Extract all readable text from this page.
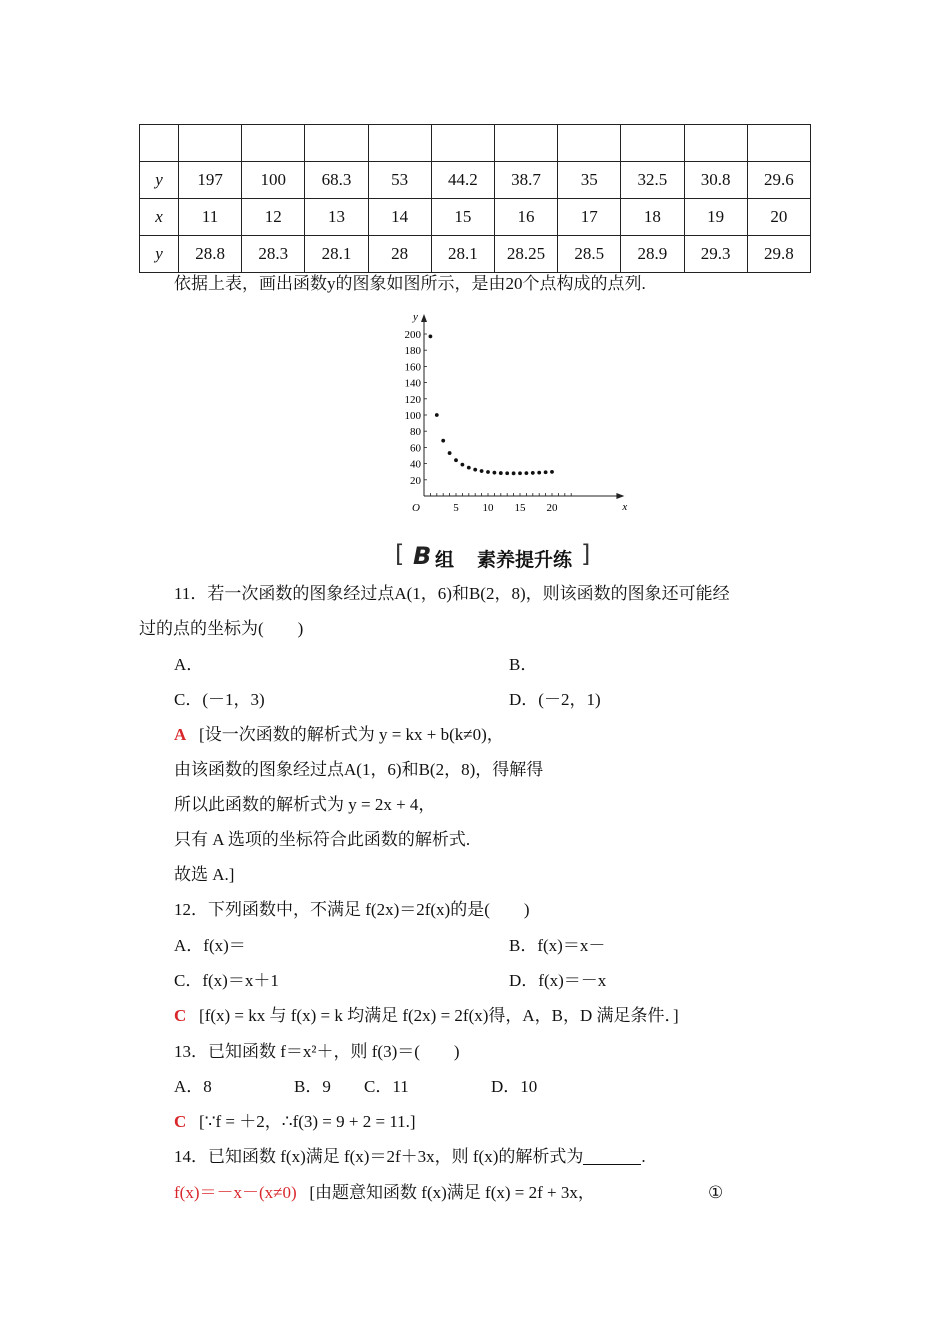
y	197	100	68.3	53	44.2	38.7	35	32.5	30.8	29.6
x	11	12	13	14	15	16	17	18	19	20
y	28.8	28.3	28.1	28	28.1	28.25	28.5	28.9	29.3	29.8
依据上表，画出函数y的图象如图所示，是由20个点构成的点列.
x
y
O	5 10 15 20
20
40
60
80
100
120
140
160
180
200
[ B 组 素养提升练 ]
11．若一次函数的图象经过点A(1，6)和B(2，8)，则该函数的图象还可能经
过的点的坐标为(　　)
A．	B．
C．(－1，3)	D．(－2，1)
A [设一次函数的解析式为 y = kx + b(k≠0)，
由该函数的图象经过点A(1，6)和B(2，8)，得解得
所以此函数的解析式为 y = 2x + 4，
只有 A 选项的坐标符合此函数的解析式.
故选 A.]
12．下列函数中，不满足 f(2x)＝2f(x)的是(　　)
A．f(x)＝	B．f(x)＝x－
C．f(x)＝x＋1	D．f(x)＝－x
C [f(x) = kx 与 f(x) = k 均满足 f(2x) = 2f(x)得，A，B，D 满足条件．]
13．已知函数 f＝x²＋，则 f(3)＝(　　)
A．8	B．9 C．11	D．10
C [∵f = ＋2，∴f(3) = 9 + 2 = 11.]
14．已知函数 f(x)满足 f(x)＝2f＋3x，则 f(x)的解析式为	.
f(x)＝－x－(x≠0) [由题意知函数 f(x)满足 f(x) = 2f + 3x，	①
